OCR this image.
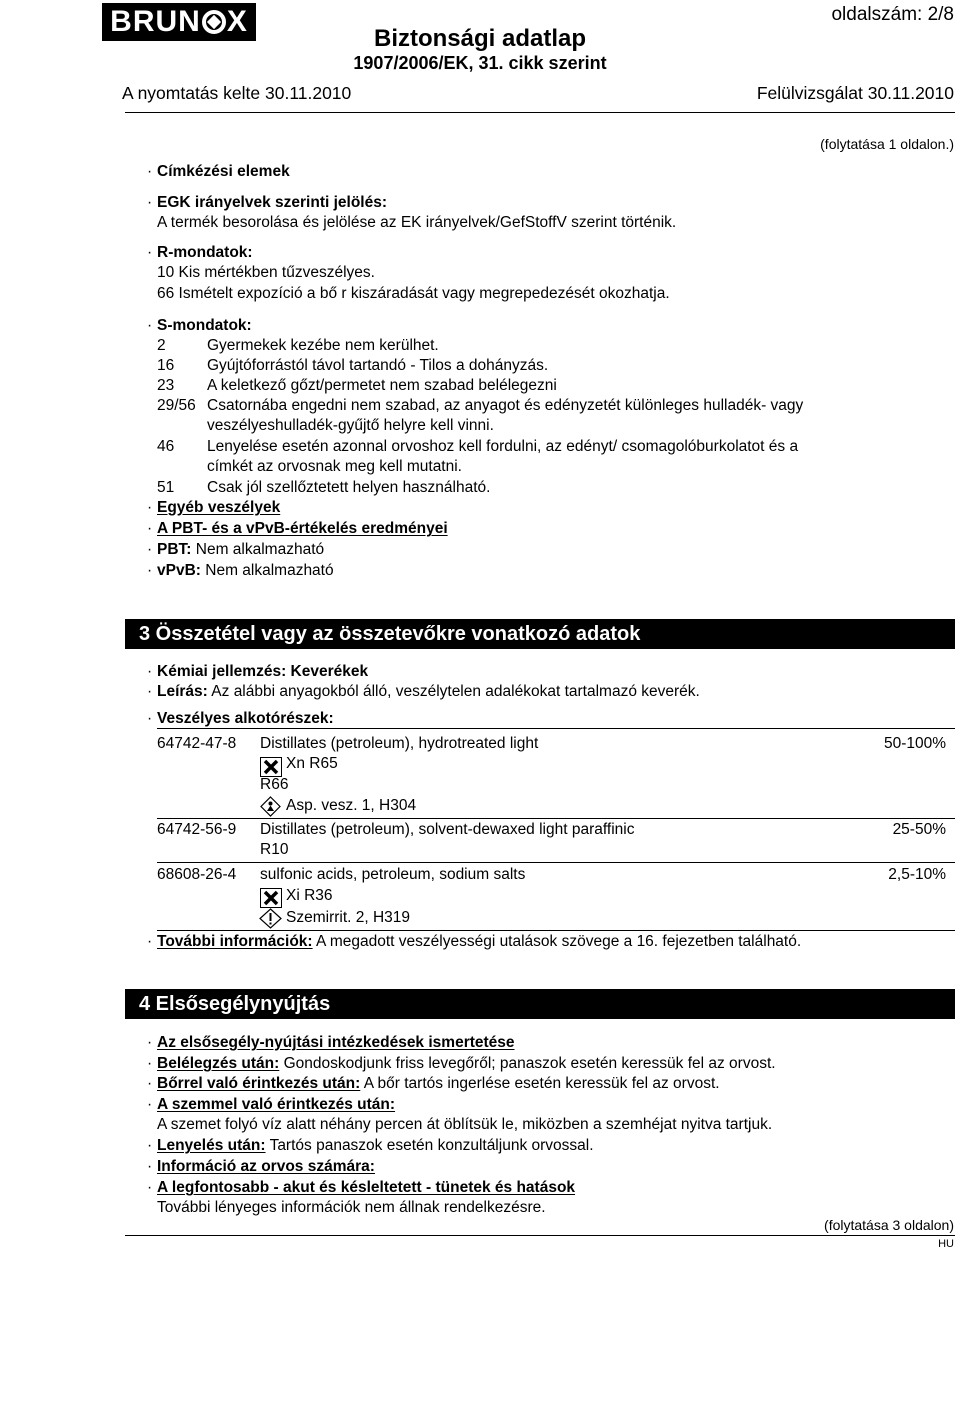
BRUN X
Biztonsági adatlap
1907/2006/EK, 31. cikk szerint
oldalszám: 2/8
A nyomtatás kelte 30.11.2010	Felülvizsgálat 30.11.2010
(folytatása 1 oldalon.)
· Címkézési elemek
· EGK irányelvek szerinti jelölés:
A termék besorolása és jelölése az EK irányelvek/GefStoffV szerint történik.
· R-mondatok:
10 Kis mértékben tűzveszélyes.
66 Ismételt expozíció a bő r kiszáradását vagy megrepedezését okozhatja.
· S-mondatok:
2	Gyermekek kezébe nem kerülhet.
16 Gyújtóforrástól távol tartandó - Tilos a dohányzás.
23 A keletkező gőzt/permetet nem szabad belélegezni
29/56 Csatornába engedni nem szabad, az anyagot és edényzetét különleges hulladék- vagy
veszélyeshulladék-gyűjtő helyre kell vinni.
46 Lenyelése esetén azonnal orvoshoz kell fordulni, az edényt/ csomagolóburkolatot és a
címkét az orvosnak meg kell mutatni.
51 Csak jól szellőztetett helyen használható.
· Egyéb veszélyek
· A PBT- és a vPvB-értékelés eredményei
· PBT: Nem alkalmazható
· vPvB: Nem alkalmazható
3 Összetétel vagy az összetevőkre vonatkozó adatok
· Kémiai jellemzés: Keverékek
· Leírás: Az alábbi anyagokból álló, veszélytelen adalékokat tartalmazó keverék.
· Veszélyes alkotórészek:
64742-47-8 Distillates (petroleum), hydrotreated light	50-100%
Xn R65
R66
Asp. vesz. 1, H304
64742-56-9 Distillates (petroleum), solvent-dewaxed light paraffinic	25-50%
R10
68608-26-4 sulfonic acids, petroleum, sodium salts	2,5-10%
Xi R36
Szemirrit. 2, H319
· További információk: A megadott veszélyességi utalások szövege a 16. fejezetben található.
4 Elsősegélynyújtás
· Az elsősegély-nyújtási intézkedések ismertetése
· Belélegzés után: Gondoskodjunk friss levegőről; panaszok esetén keressük fel az orvost.
· Bőrrel való érintkezés után: A bőr tartós ingerlése esetén keressük fel az orvost.
· A szemmel való érintkezés után:
A szemet folyó víz alatt néhány percen át öblítsük le, miközben a szemhéjat nyitva tartjuk.
· Lenyelés után: Tartós panaszok esetén konzultáljunk orvossal.
· Információ az orvos számára:
· A legfontosabb - akut és késleltetett - tünetek és hatások
További lényeges információk nem állnak rendelkezésre.
(folytatása 3 oldalon)
HU
